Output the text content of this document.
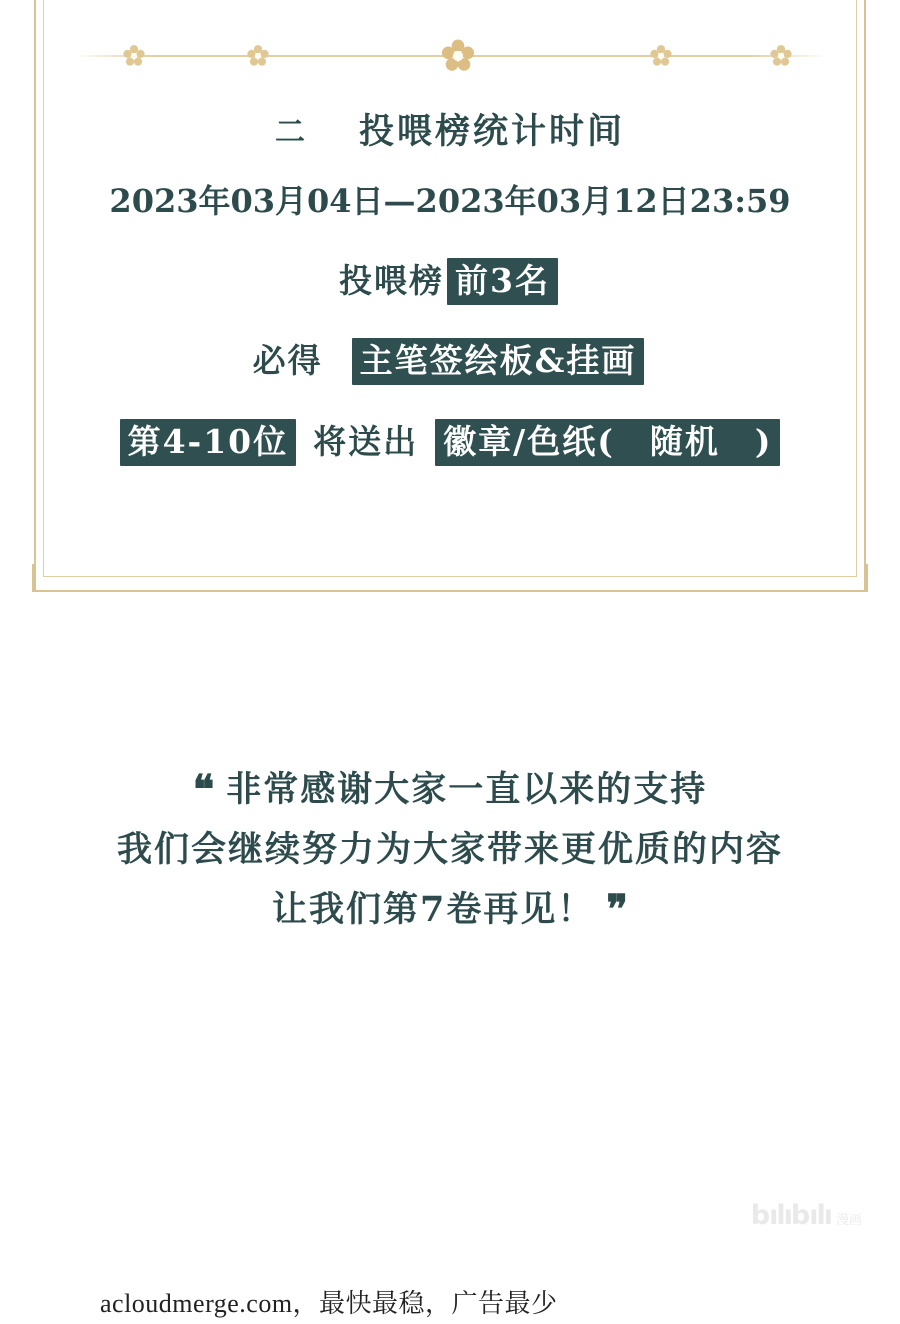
二 投喂榜统计时间
2023年03月04日—2023年03月12日23:59
投喂榜 前3名
必得 主笔签绘板&挂画
第4-10位 将送出 徽章/色纸(　随机　)
❝ 非常感谢大家一直以来的支持
我们会继续努力为大家带来更优质的内容
让我们第7卷再见！ ❞
bılıbılı 漫画
acloudmerge.com，最快最稳，广告最少
